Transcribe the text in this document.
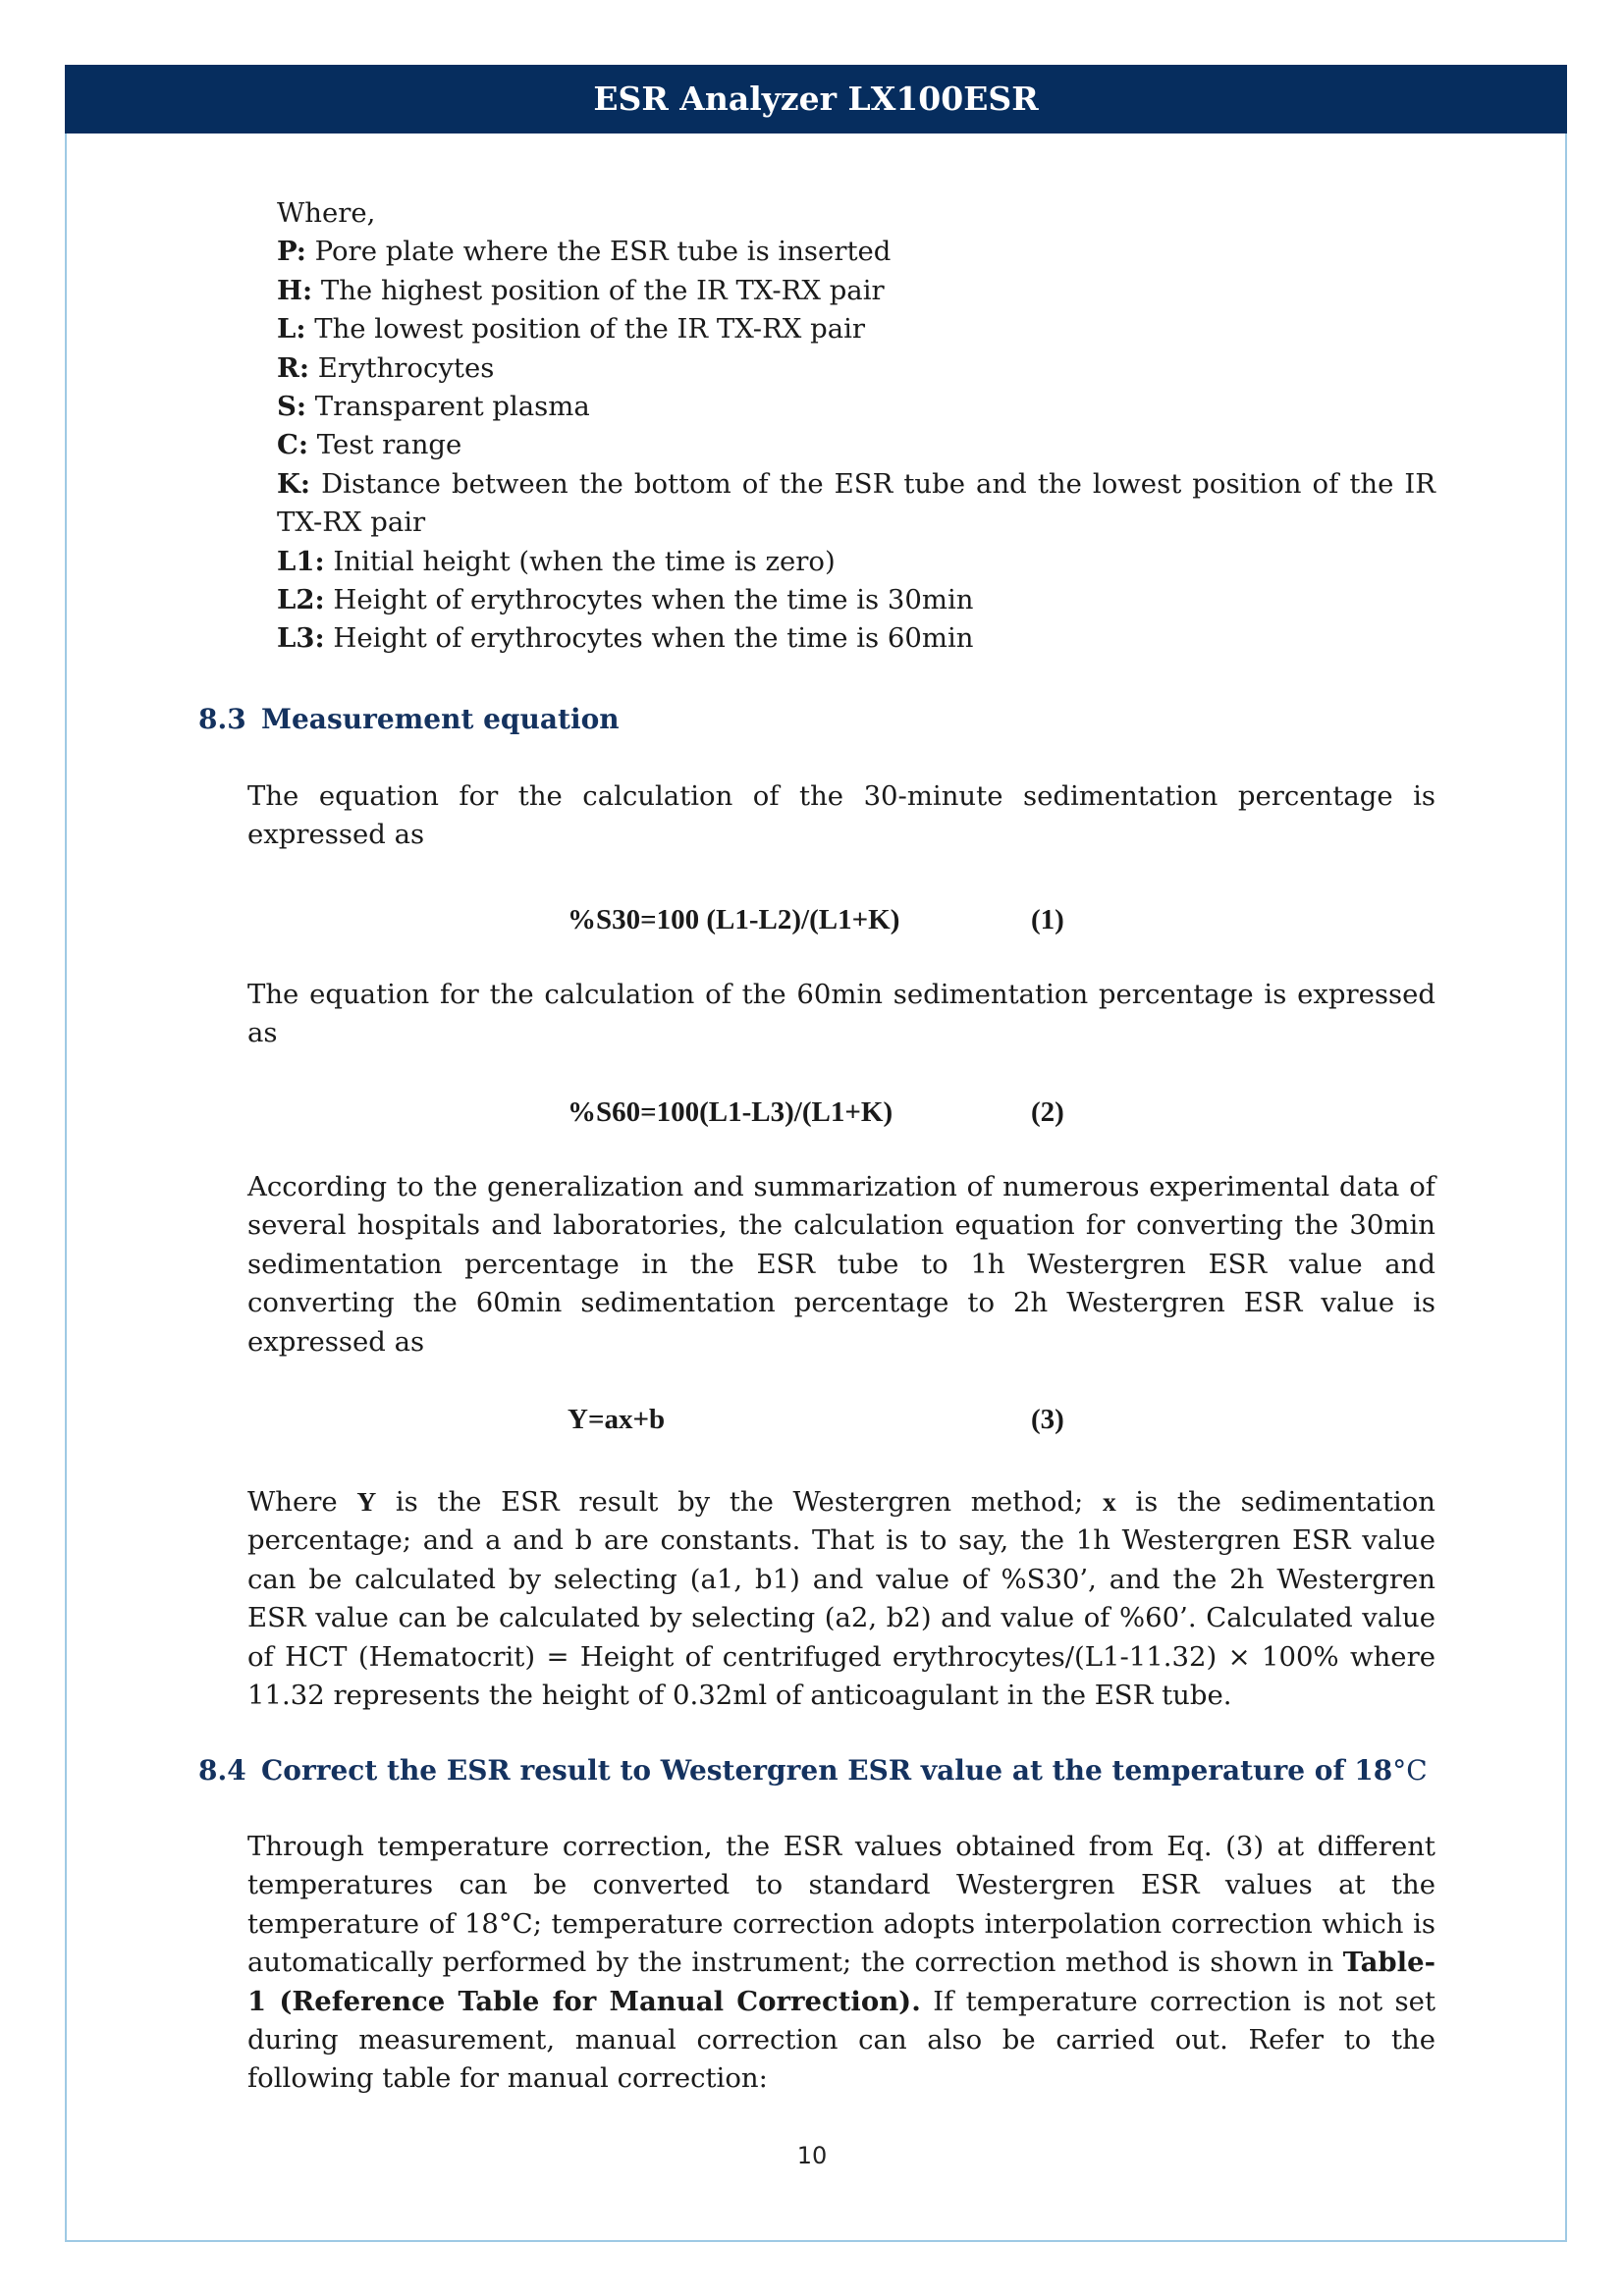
ESR Analyzer LX100ESR

Where,

P: Pore plate where the ESR tube is inserted

H: The highest position of the IR TX-RX pair

L: The lowest position of the IR TX-RX pair

R: Erythrocytes

S: Transparent plasma

C: Test range

K: Distance between the bottom of the ESR tube and the lowest position of the IR TX-RX pair

L1: Initial height (when the time is zero)

L2: Height of erythrocytes when the time is 30min

L3: Height of erythrocytes when the time is 60min

8.3 Measurement equation

The equation for the calculation of the 30-minute sedimentation percentage is expressed as

%S30=100 (L1-L2)/(L1+K)	(1)

The equation for the calculation of the 60min sedimentation percentage is expressed as

%S60=100(L1-L3)/(L1+K)	(2)

According to the generalization and summarization of numerous experimental data of several hospitals and laboratories, the calculation equation for converting the 30min sedimentation percentage in the ESR tube to 1h Westergren ESR value and converting the 60min sedimentation percentage to 2h Westergren ESR value is expressed as

Y=ax+b	(3)

Where Y is the ESR result by the Westergren method; x is the sedimentation percentage; and a and b are constants. That is to say, the 1h Westergren ESR value can be calculated by selecting (a1, b1) and value of %S30’, and the 2h Westergren ESR value can be calculated by selecting (a2, b2) and value of %60’. Calculated value of HCT (Hematocrit) = Height of centrifuged erythrocytes/(L1-11.32) × 100% where 11.32 represents the height of 0.32ml of anticoagulant in the ESR tube.

8.4 Correct the ESR result to Westergren ESR value at the temperature of 18°C

Through temperature correction, the ESR values obtained from Eq. (3) at different temperatures can be converted to standard Westergren ESR values at the temperature of 18°C; temperature correction adopts interpolation correction which is automatically performed by the instrument; the correction method is shown in Table-1 (Reference Table for Manual Correction). If temperature correction is not set during measurement, manual correction can also be carried out. Refer to the following table for manual correction:

10
